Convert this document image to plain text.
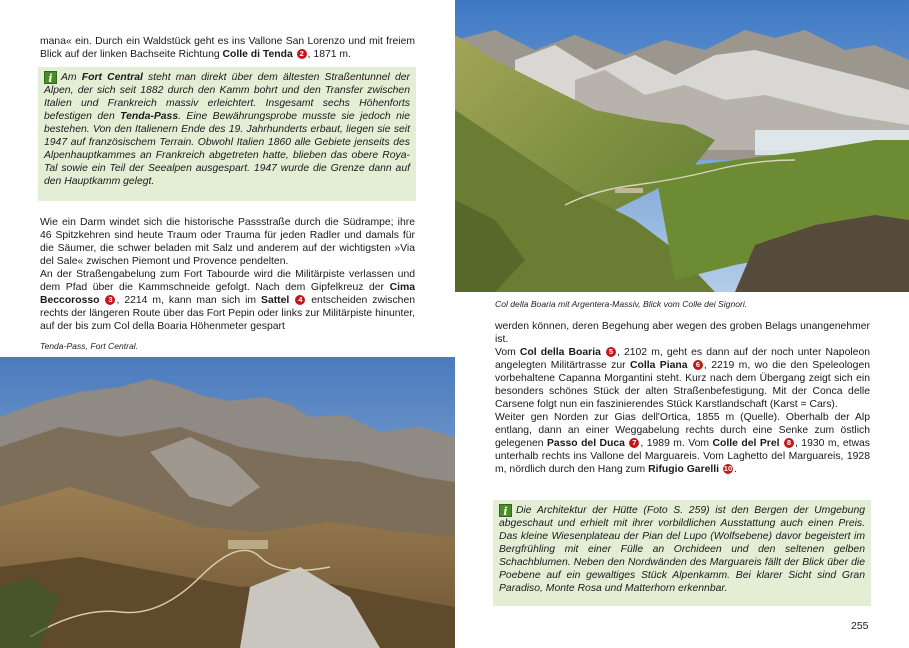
mana« ein. Durch ein Waldstück geht es ins Vallone San Lorenzo und mit freiem Blick auf der linken Bachseite Richtung Colle di Tenda 2 , 1871 m.

i Am Fort Central steht man direkt über dem ältesten Straßentunnel der Alpen, der sich seit 1882 durch den Kamm bohrt und den Transfer zwischen Italien und Frankreich massiv erleichtert. Insgesamt sechs Höhenforts befestigen den Tenda-Pass. Eine Bewährungsprobe musste sie jedoch nie bestehen. Von den Italienern Ende des 19. Jahrhunderts erbaut, liegen sie seit 1947 auf französischem Terrain. Obwohl Italien 1860 alle Gebiete jenseits des Alpenhauptkammes an Frankreich abgetreten hatte, blieben das obere Roya-Tal sowie ein Teil der Seealpen ausgespart. 1947 wurde die Grenze dann auf den Hauptkamm gelegt.

Wie ein Darm windet sich die historische Passstraße durch die Südrampe; ihre 46 Spitzkehren sind heute Traum oder Trauma für jeden Radler und damals für die Säumer, die schwer beladen mit Salz und anderem auf der wichtigsten »Via del Sale« zwischen Piemont und Provence pendelten.

An der Straßengabelung zum Fort Tabourde wird die Militärpiste verlassen und dem Pfad über die Kammschneide gefolgt. Nach dem Gipfelkreuz der Cima Beccorosso 3 , 2214 m, kann man sich im Sattel 4 entscheiden zwischen rechts der längeren Route über das Fort Pepin oder links zur Militärpiste hinunter, auf der bis zum Col della Boaria Höhenmeter gespart

Tenda-Pass, Fort Central.
Col della Boaria mit Argentera-Massiv, Blick vom Colle dei Signori.

werden können, deren Begehung aber wegen des groben Belags unangenehmer ist.

Vom Col della Boaria 5 , 2102 m, geht es dann auf der noch unter Napoleon angelegten Militärtrasse zur Colla Piana 6 , 2219 m, wo die den Speleologen vorbehaltene Capanna Morgantini steht. Kurz nach dem Übergang zeigt sich ein besonders schönes Stück der alten Straßenbefestigung. Mit der Conca delle Carsene folgt nun ein faszinierendes Stück Karstlandschaft (Karst = Cars).

Weiter gen Norden zur Gias dell'Ortica, 1855 m (Quelle). Oberhalb der Alp entlang, dann an einer Weggabelung rechts durch eine Senke zum östlich gelegenen Passo del Duca 7 , 1989 m. Vom Colle del Prel 8 , 1930 m, etwas unterhalb rechts ins Vallone del Marguareis. Vom Laghetto del Marguareis, 1928 m, nördlich durch den Hang zum Rifugio Garelli 10 .

i Die Architektur der Hütte (Foto S. 259) ist den Bergen der Umgebung abgeschaut und erhielt mit ihrer vorbildlichen Ausstattung auch einen Preis. Das kleine Wiesenplateau der Pian del Lupo (Wolfsebene) davor begeistert im Bergfrühling mit einer Fülle an Orchideen und den seltenen gelben Schachblumen. Neben den Nordwänden des Marguareis fällt der Blick über die Poebene auf ein gewaltiges Stück Alpenkamm. Bei klarer Sicht sind Gran Paradiso, Monte Rosa und Matterhorn erkennbar.
255
